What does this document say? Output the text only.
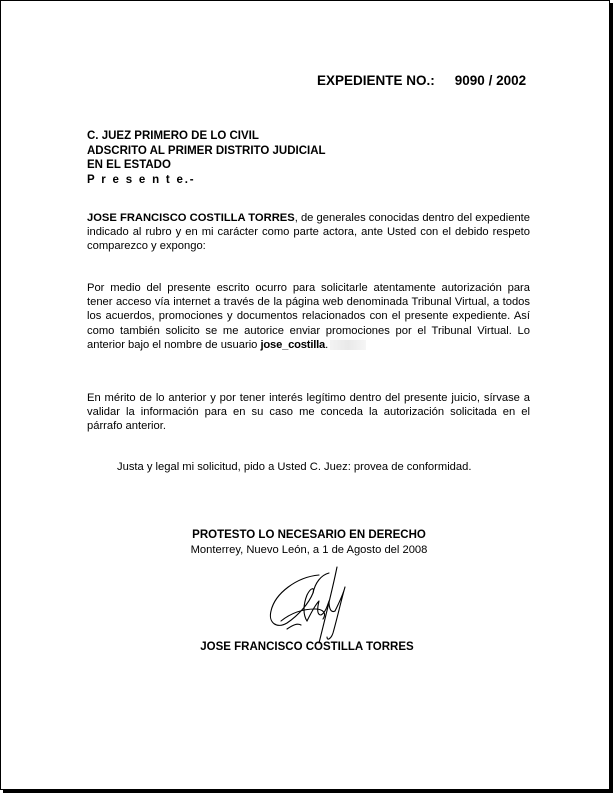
EXPEDIENTE NO.: 9090 / 2002
C. JUEZ PRIMERO DE LO CIVIL
ADSCRITO AL PRIMER DISTRITO JUDICIAL
EN EL ESTADO
P r e s e n t e.-
JOSE FRANCISCO COSTILLA TORRES, de generales conocidas dentro del expediente indicado al rubro y en mi carácter como parte actora, ante Usted con el debido respeto comparezco y expongo:
Por medio del presente escrito ocurro para solicitarle atentamente autorización para tener acceso vía internet a través de la página web denominada Tribunal Virtual, a todos los acuerdos, promociones y documentos relacionados con el presente expediente. Así como también solicito se me autorice enviar promociones por el Tribunal Virtual. Lo anterior bajo el nombre de usuario jose_costilla.
En mérito de lo anterior y por tener interés legítimo dentro del presente juicio, sírvase a validar la información para en su caso me conceda la autorización solicitada en el párrafo anterior.
Justa y legal mi solicitud, pido a Usted C. Juez: provea de conformidad.
PROTESTO LO NECESARIO EN DERECHO
Monterrey, Nuevo León, a 1 de Agosto del 2008
JOSE FRANCISCO COSTILLA TORRES
